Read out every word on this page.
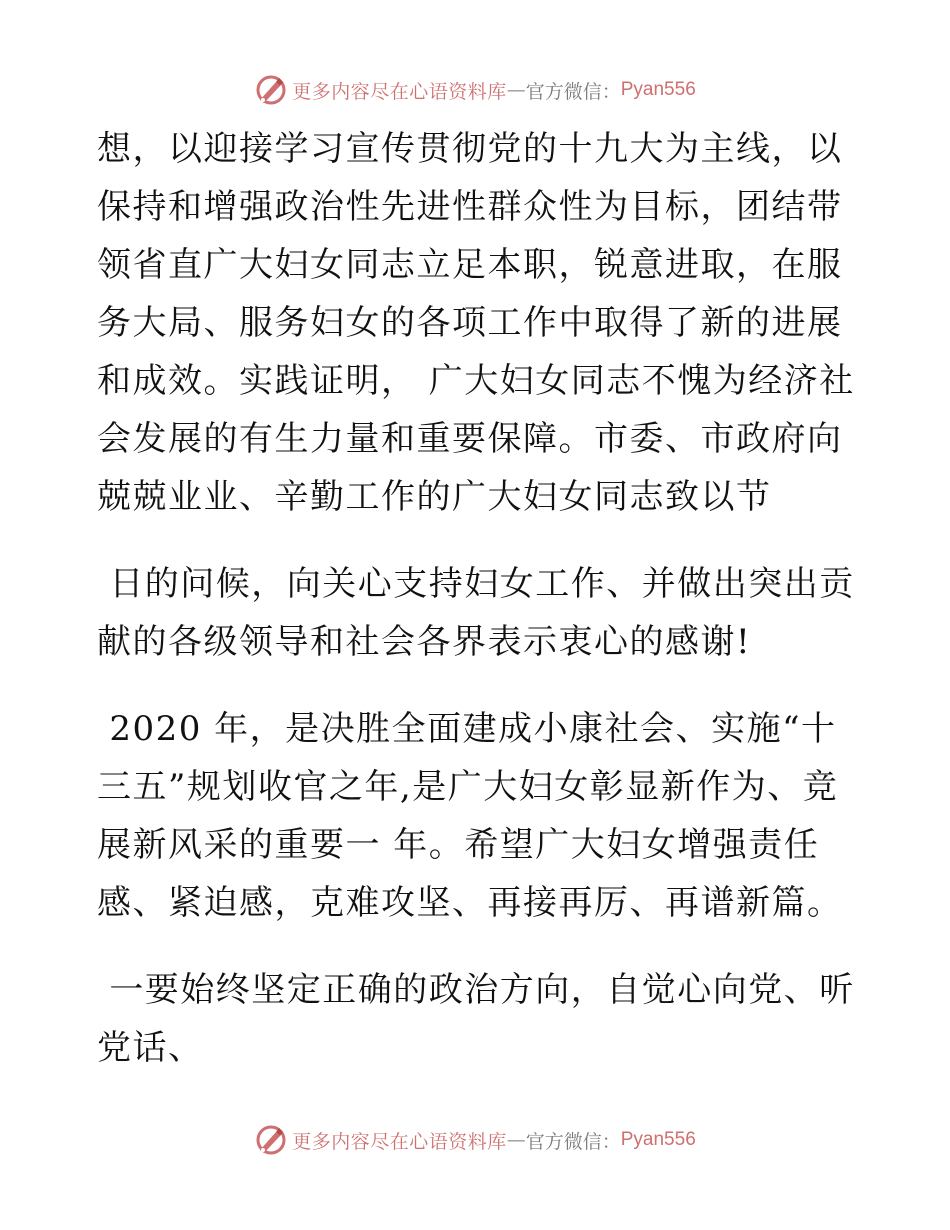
更多内容尽在心语资料库 — 官方微信： Pyan556

想，以迎接学习宣传贯彻党的十九大为主线，以保持和增强政治性先进性群众性为目标，团结带领省直广大妇女同志立足本职，锐意进取，在服务大局、服务妇女的各项工作中取得了新的进展和成效。实践证明， 广大妇女同志不愧为经济社会发展的有生力量和重要保障。市委、市政府向兢兢业业、辛勤工作的广大妇女同志致以节

日的问候，向关心支持妇女工作、并做出突出贡献的各级领导和社会各界表示衷心的感谢!

2020 年，是决胜全面建成小康社会、实施“十三五”规划收官之年,是广大妇女彰显新作为、竞展新风采的重要一 年。希望广大妇女增强责任感、紧迫感，克难攻坚、再接再厉、再谱新篇。

一要始终坚定正确的政治方向，自觉心向党、听党话、

更多内容尽在心语资料库 — 官方微信： Pyan556
